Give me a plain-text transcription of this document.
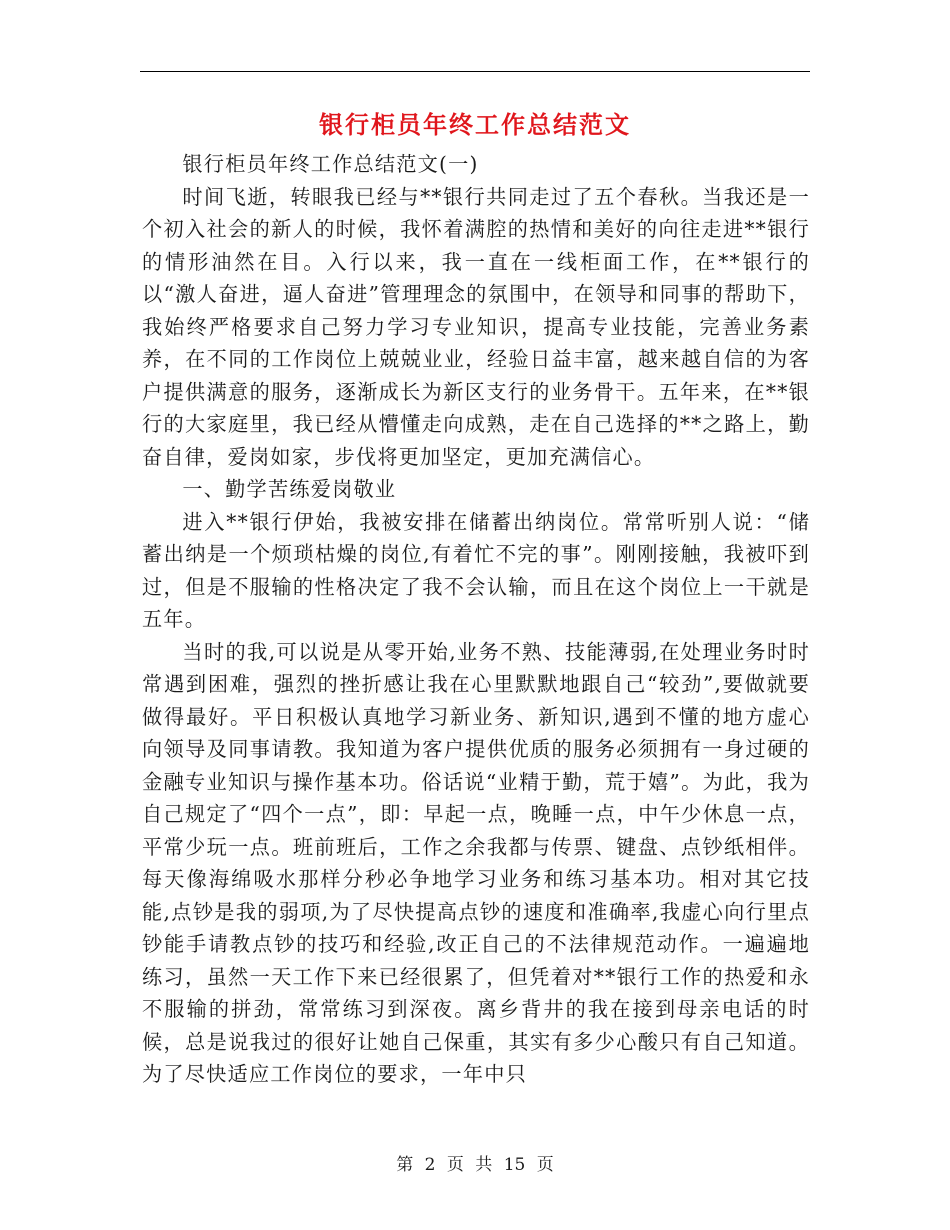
银行柜员年终工作总结范文

银行柜员年终工作总结范文(一)

时间飞逝，转眼我已经与**银行共同走过了五个春秋。当我还是一个初入社会的新人的时候，我怀着满腔的热情和美好的向往走进**银行的情形油然在目。入行以来，我一直在一线柜面工作，在**银行的以“激人奋进，逼人奋进”管理理念的氛围中，在领导和同事的帮助下，我始终严格要求自己努力学习专业知识，提高专业技能，完善业务素养，在不同的工作岗位上兢兢业业，经验日益丰富，越来越自信的为客户提供满意的服务，逐渐成长为新区支行的业务骨干。五年来，在**银行的大家庭里，我已经从懵懂走向成熟，走在自己选择的**之路上，勤奋自律，爱岗如家，步伐将更加坚定，更加充满信心。

一、勤学苦练爱岗敬业

进入**银行伊始，我被安排在储蓄出纳岗位。常常听别人说：“储蓄出纳是一个烦琐枯燥的岗位,有着忙不完的事”。刚刚接触，我被吓到过，但是不服输的性格决定了我不会认输，而且在这个岗位上一干就是五年。

当时的我,可以说是从零开始,业务不熟、技能薄弱,在处理业务时时常遇到困难，强烈的挫折感让我在心里默默地跟自己“较劲”,要做就要做得最好。平日积极认真地学习新业务、新知识,遇到不懂的地方虚心向领导及同事请教。我知道为客户提供优质的服务必须拥有一身过硬的金融专业知识与操作基本功。俗话说“业精于勤，荒于嬉”。为此，我为自己规定了“四个一点”，即：早起一点，晚睡一点，中午少休息一点，平常少玩一点。班前班后，工作之余我都与传票、键盘、点钞纸相伴。每天像海绵吸水那样分秒必争地学习业务和练习基本功。相对其它技能,点钞是我的弱项,为了尽快提高点钞的速度和准确率,我虚心向行里点钞能手请教点钞的技巧和经验,改正自己的不法律规范动作。一遍遍地练习，虽然一天工作下来已经很累了，但凭着对**银行工作的热爱和永不服输的拼劲，常常练习到深夜。离乡背井的我在接到母亲电话的时候，总是说我过的很好让她自己保重，其实有多少心酸只有自己知道。为了尽快适应工作岗位的要求，一年中只

第 2 页 共 15 页
